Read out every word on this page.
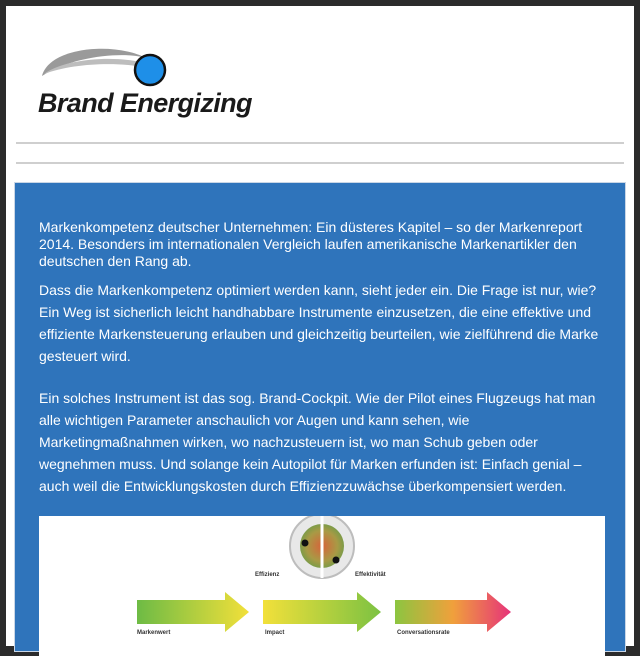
Brand Energizing

Markenkompetenz deutscher Unternehmen: Ein düsteres Kapitel – so der Markenreport 2014. Besonders im internationalen Vergleich laufen amerikanische Markenartikler den deutschen den Rang ab.

Dass die Markenkompetenz optimiert werden kann, sieht jeder ein. Die Frage ist nur, wie? Ein Weg ist sicherlich leicht handhabbare Instrumente einzusetzen, die eine effektive und effiziente Markensteuerung erlauben und gleichzeitig beurteilen, wie zielführend die Marke gesteuert wird.

Ein solches Instrument ist das sog. Brand-Cockpit. Wie der Pilot eines Flugzeugs hat man alle wichtigen Parameter anschaulich vor Augen und kann sehen, wie Marketingmaßnahmen wirken, wo nachzusteuern ist, wo man Schub geben oder wegnehmen muss. Und solange kein Autopilot für Marken erfunden ist: Einfach genial – auch weil die Entwicklungskosten durch Effizienzzuwächse überkompensiert werden.

Effizienz	Effektivität
Markenwert	Impact	Conversationsrate
